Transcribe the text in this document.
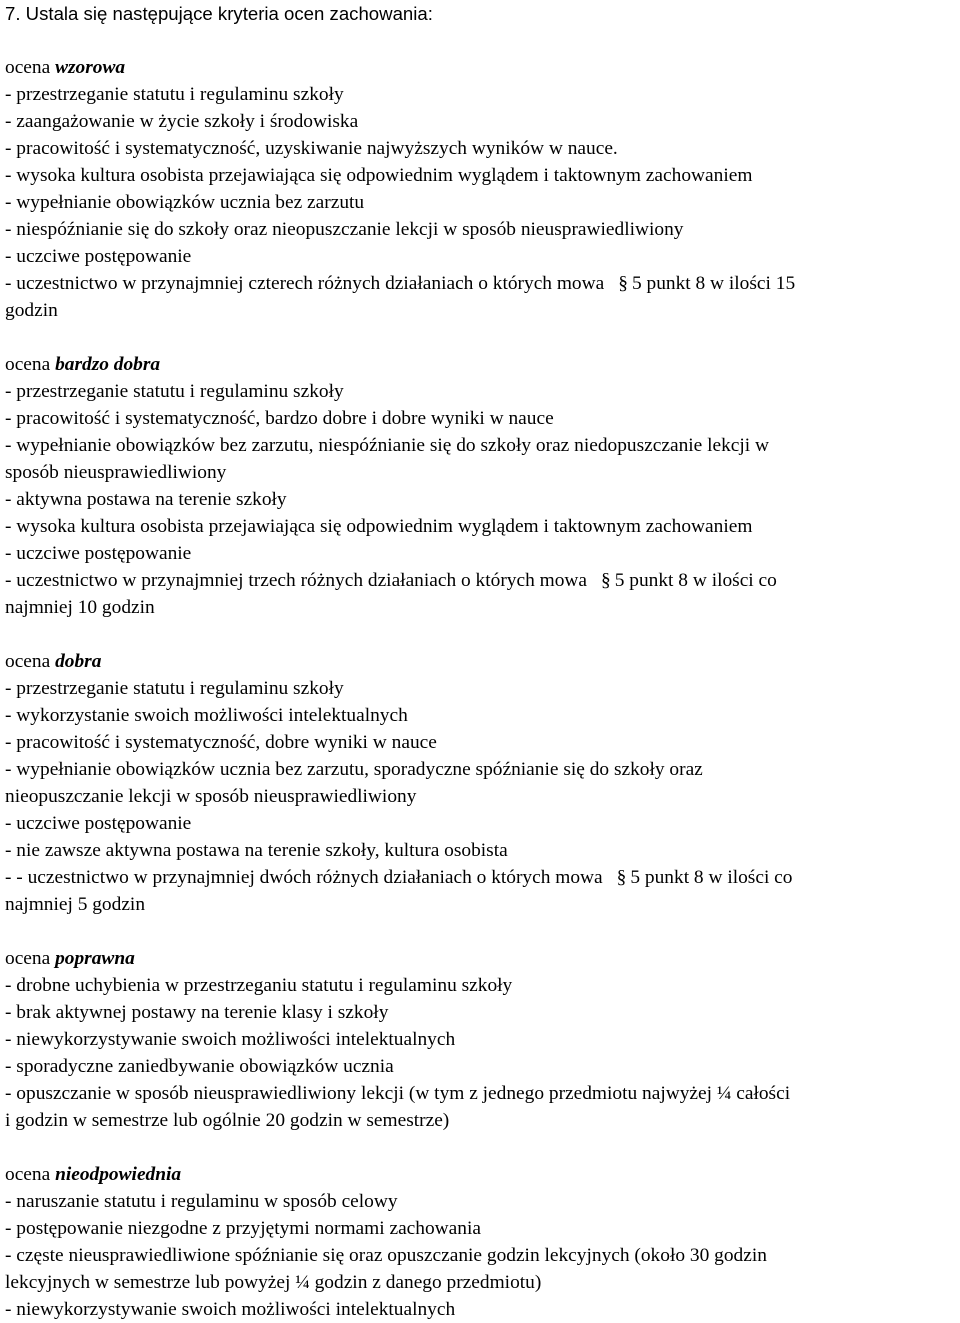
7. Ustala się następujące kryteria ocen zachowania:
ocena wzorowa
- przestrzeganie statutu i regulaminu szkoły
- zaangażowanie w życie szkoły i środowiska
- pracowitość i systematyczność, uzyskiwanie najwyższych wyników w nauce.
- wysoka kultura osobista przejawiająca się odpowiednim wyglądem i taktownym zachowaniem
- wypełnianie obowiązków ucznia bez zarzutu
- niespóźnianie się do szkoły oraz nieopuszczanie lekcji w sposób nieusprawiedliwiony
- uczciwe postępowanie
- uczestnictwo w przynajmniej czterech różnych działaniach o których mowa § 5 punkt 8 w ilości 15
godzin
ocena bardzo dobra
- przestrzeganie statutu i regulaminu szkoły
- pracowitość i systematyczność, bardzo dobre i dobre wyniki w nauce
- wypełnianie obowiązków bez zarzutu, niespóźnianie się do szkoły oraz niedopuszczanie lekcji w
sposób nieusprawiedliwiony
- aktywna postawa na terenie szkoły
- wysoka kultura osobista przejawiająca się odpowiednim wyglądem i taktownym zachowaniem
- uczciwe postępowanie
- uczestnictwo w przynajmniej trzech różnych działaniach o których mowa § 5 punkt 8 w ilości co
najmniej 10 godzin
ocena dobra
- przestrzeganie statutu i regulaminu szkoły
- wykorzystanie swoich możliwości intelektualnych
- pracowitość i systematyczność, dobre wyniki w nauce
- wypełnianie obowiązków ucznia bez zarzutu, sporadyczne spóźnianie się do szkoły oraz
nieopuszczanie lekcji w sposób nieusprawiedliwiony
- uczciwe postępowanie
- nie zawsze aktywna postawa na terenie szkoły, kultura osobista
- - uczestnictwo w przynajmniej dwóch różnych działaniach o których mowa § 5 punkt 8 w ilości co
najmniej 5 godzin
ocena poprawna
- drobne uchybienia w przestrzeganiu statutu i regulaminu szkoły
- brak aktywnej postawy na terenie klasy i szkoły
- niewykorzystywanie swoich możliwości intelektualnych
- sporadyczne zaniedbywanie obowiązków ucznia
- opuszczanie w sposób nieusprawiedliwiony lekcji (w tym z jednego przedmiotu najwyżej ¼ całości
i godzin w semestrze lub ogólnie 20 godzin w semestrze)
ocena nieodpowiednia
- naruszanie statutu i regulaminu w sposób celowy
- postępowanie niezgodne z przyjętymi normami zachowania
- częste nieusprawiedliwione spóźnianie się oraz opuszczanie godzin lekcyjnych (około 30 godzin
lekcyjnych w semestrze lub powyżej ¼ godzin z danego przedmiotu)
- niewykorzystywanie swoich możliwości intelektualnych
